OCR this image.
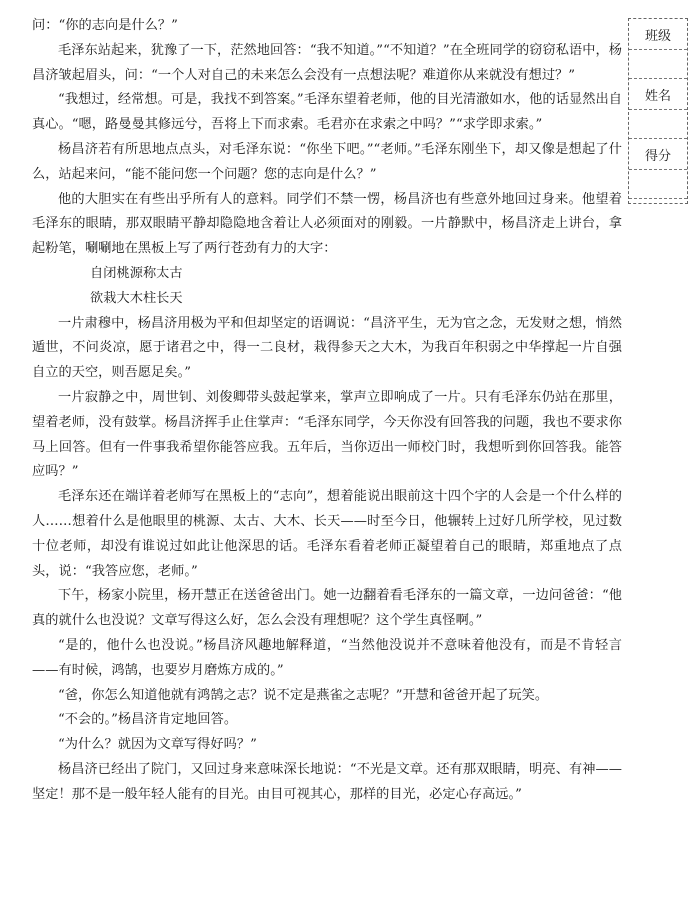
问：“你的志向是什么？”

毛泽东站起来，犹豫了一下，茫然地回答：“我不知道。”“不知道？”在全班同学的窃窃私语中，杨昌济皱起眉头，问：“一个人对自己的未来怎么会没有一点想法呢？难道你从来就没有想过？”

“我想过，经常想。可是，我找不到答案。”毛泽东望着老师，他的目光清澈如水，他的话显然出自真心。“嗯，路曼曼其修远兮，吾将上下而求索。毛君亦在求索之中吗？”“求学即求索。”

杨昌济若有所思地点点头，对毛泽东说：“你坐下吧。”“老师。”毛泽东刚坐下，却又像是想起了什么，站起来问，“能不能问您一个问题？您的志向是什么？”

他的大胆实在有些出乎所有人的意料。同学们不禁一愣，杨昌济也有些意外地回过身来。他望着毛泽东的眼睛，那双眼睛平静却隐隐地含着让人必须面对的刚毅。一片静默中，杨昌济走上讲台，拿起粉笔，唰唰地在黑板上写了两行苍劲有力的大字：

自闭桃源称太古

欲栽大木柱长天

一片肃穆中，杨昌济用极为平和但却坚定的语调说：“昌济平生，无为官之念，无发财之想，悄然遁世，不问炎凉，愿于诸君之中，得一二良材，栽得参天之大木，为我百年积弱之中华撑起一片自强自立的天空，则吾愿足矣。”

一片寂静之中，周世钊、刘俊卿带头鼓起掌来，掌声立即响成了一片。只有毛泽东仍站在那里，望着老师，没有鼓掌。杨昌济挥手止住掌声：“毛泽东同学，今天你没有回答我的问题，我也不要求你马上回答。但有一件事我希望你能答应我。五年后，当你迈出一师校门时，我想听到你回答我。能答应吗？”

毛泽东还在端详着老师写在黑板上的“志向”，想着能说出眼前这十四个字的人会是一个什么样的人……想着什么是他眼里的桃源、太古、大木、长天——时至今日，他辗转上过好几所学校，见过数十位老师，却没有谁说过如此让他深思的话。毛泽东看着老师正凝望着自己的眼睛，郑重地点了点头，说：“我答应您，老师。”

下午，杨家小院里，杨开慧正在送爸爸出门。她一边翻着看毛泽东的一篇文章，一边问爸爸：“他真的就什么也没说？文章写得这么好，怎么会没有理想呢？这个学生真怪啊。”

“是的，他什么也没说。”杨昌济风趣地解释道，“当然他没说并不意味着他没有，而是不肯轻言——有时候，鸿鹄，也要岁月磨炼方成的。”

“爸，你怎么知道他就有鸿鹄之志？说不定是燕雀之志呢？”开慧和爸爸开起了玩笑。

“不会的。”杨昌济肯定地回答。

“为什么？就因为文章写得好吗？”

杨昌济已经出了院门，又回过身来意味深长地说：“不光是文章。还有那双眼睛，明亮、有神——坚定！那不是一般年轻人能有的目光。由目可视其心，那样的目光，必定心存高远。”

班级
姓名
得分
